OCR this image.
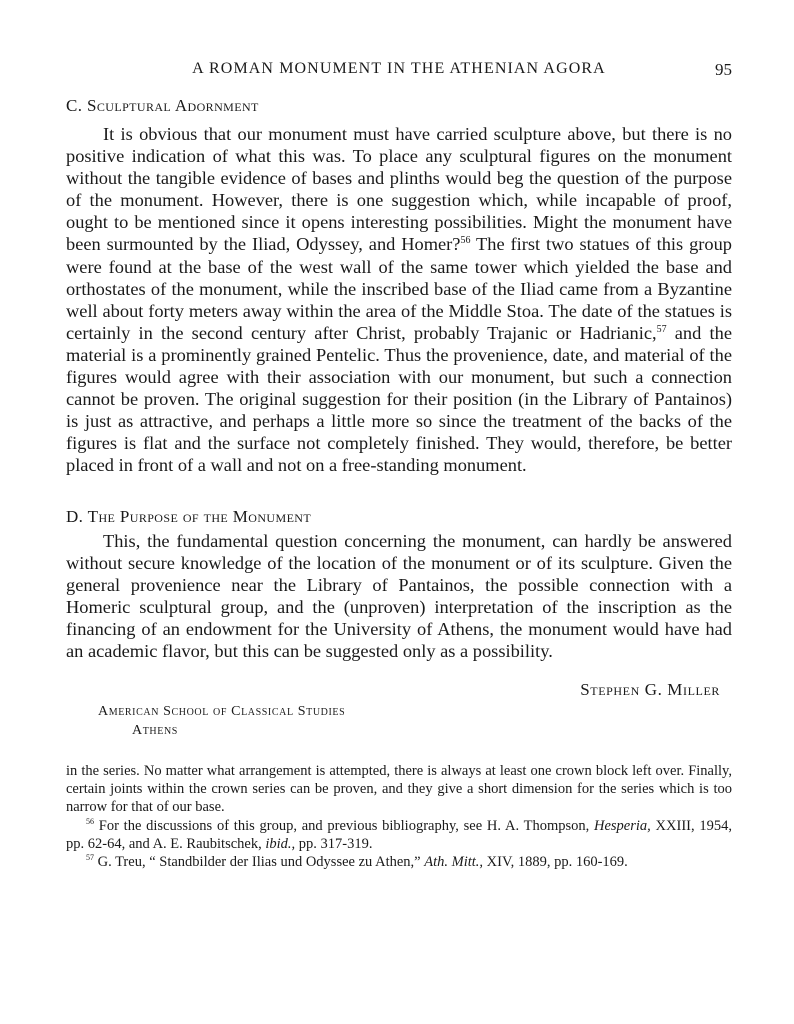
A ROMAN MONUMENT IN THE ATHENIAN AGORA	95
C. Sculptural Adornment

It is obvious that our monument must have carried sculpture above, but there is no positive indication of what this was. To place any sculptural figures on the monument without the tangible evidence of bases and plinths would beg the question of the purpose of the monument. However, there is one suggestion which, while incapable of proof, ought to be mentioned since it opens interesting possibilities. Might the monument have been surmounted by the Iliad, Odyssey, and Homer?$^{56}$ The first two statues of this group were found at the base of the west wall of the same tower which yielded the base and orthostates of the monument, while the inscribed base of the Iliad came from a Byzantine well about forty meters away within the area of the Middle Stoa. The date of the statues is certainly in the second century after Christ, probably Trajanic or Hadrianic,$^{57}$ and the material is a prominently grained Pentelic. Thus the provenience, date, and material of the figures would agree with their association with our monument, but such a connection cannot be proven. The original suggestion for their position (in the Library of Pantainos) is just as attractive, and perhaps a little more so since the treatment of the backs of the figures is flat and the surface not completely finished. They would, therefore, be better placed in front of a wall and not on a free-standing monument.

D. The Purpose of the Monument

This, the fundamental question concerning the monument, can hardly be answered without secure knowledge of the location of the monument or of its sculpture. Given the general provenience near the Library of Pantainos, the possible connection with a Homeric sculptural group, and the (unproven) interpretation of the inscription as the financing of an endowment for the University of Athens, the monument would have had an academic flavor, but this can be suggested only as a possibility.

Stephen G. Miller
American School of Classical Studies
Athens

in the series. No matter what arrangement is attempted, there is always at least one crown block left over. Finally, certain joints within the crown series can be proven, and they give a short dimension for the series which is too narrow for that of our base.

$^{56}$ For the discussions of this group, and previous bibliography, see H. A. Thompson, Hesperia, XXIII, 1954, pp. 62-64, and A. E. Raubitschek, ibid., pp. 317-319.

$^{57}$ G. Treu, “ Standbilder der Ilias und Odyssee zu Athen,” Ath. Mitt., XIV, 1889, pp. 160-169.
